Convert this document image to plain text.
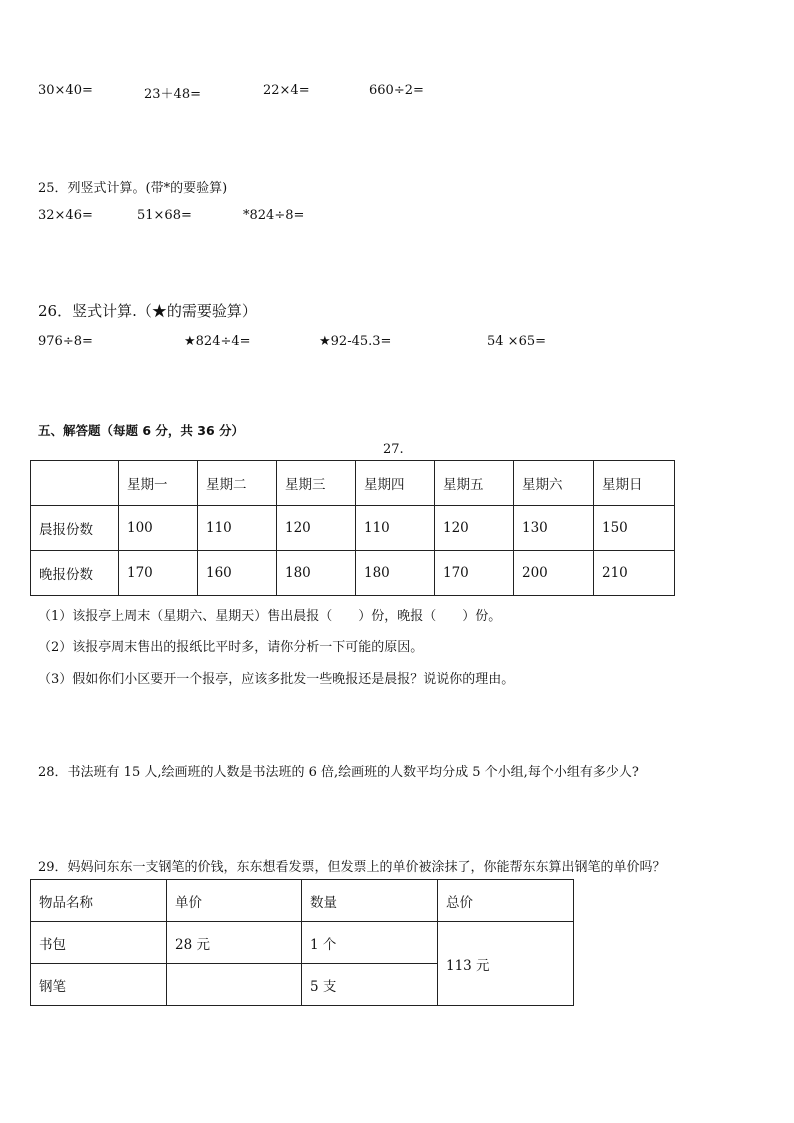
30×40=	23＋48=	22×4=	660÷2=
25．列竖式计算。(带*的要验算)
32×46=	51×68=	*824÷8=
26．竖式计算.（★的需要验算）
976÷8=	★824÷4=	★92-45.3=	54 ×65=
五、解答题（每题 6 分，共 36 分）
27.
	星期一	星期二	星期三	星期四	星期五	星期六	星期日
晨报份数	100	110	120	110	120	130	150
晚报份数	170	160	180	180	170	200	210
（1）该报亭上周末（星期六、星期天）售出晨报（　　）份，晚报（　　）份。
（2）该报亭周末售出的报纸比平时多，请你分析一下可能的原因。
（3）假如你们小区要开一个报亭，应该多批发一些晚报还是晨报？说说你的理由。
28．书法班有 15 人,绘画班的人数是书法班的 6 倍,绘画班的人数平均分成 5 个小组,每个小组有多少人?
29．妈妈问东东一支钢笔的价钱，东东想看发票，但发票上的单价被涂抹了，你能帮东东算出钢笔的单价吗？
物品名称	单价	数量	总价
书包	28 元	1 个	113 元
钢笔		5 支	
